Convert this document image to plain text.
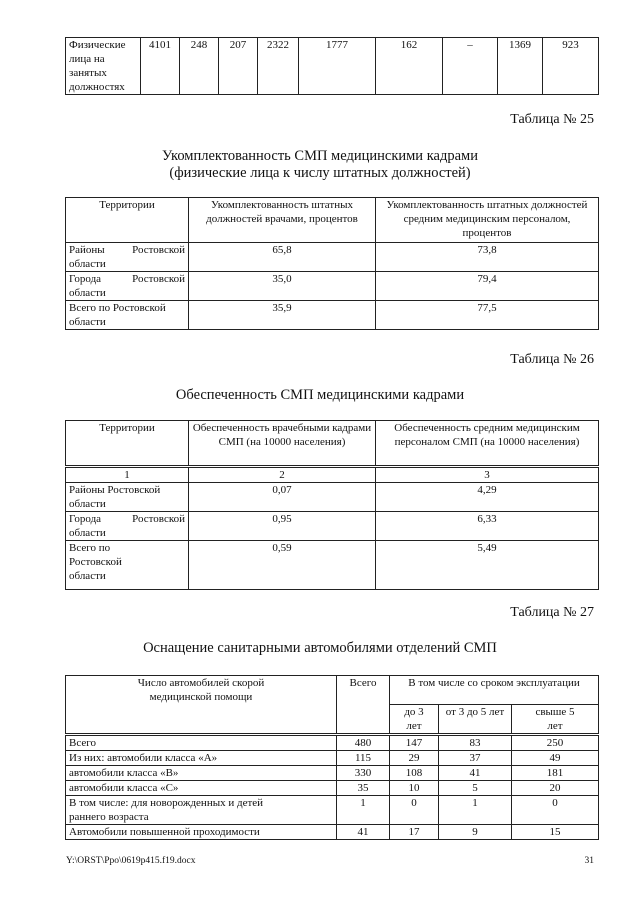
Физические лица на занятых должностях	4101	248	207	2322	1777	162	–	1369	923
Таблица № 25
Укомплектованность СМП медицинскими кадрами
(физические лица к числу штатных должностей)
Территории	Укомплектованность штатных должностей врачами, процентов	Укомплектованность штатных должностей средним медицинским персоналом, процентов
Районы Ростовской области	65,8	73,8
Города Ростовской области	35,0	79,4
Всего по Ростовской области	35,9	77,5
Таблица № 26
Обеспеченность СМП медицинскими кадрами
Территории	Обеспеченность врачебными кадрами СМП (на 10000 населения)	Обеспеченность средним медицинским персоналом СМП (на 10000 населения)
1	2	3
Районы Ростовской области	0,07	4,29
Города Ростовской области	0,95	6,33

Всего по Ростовской области	0,59	5,49
Таблица № 27
Оснащение санитарными автомобилями отделений СМП
Число автомобилей скорой медицинской помощи	Всего	В том числе со сроком эксплуатации		
		до 3 лет	от 3 до 5 лет	свыше 5 лет
Всего	480	147	83	250
Из них: автомобили класса «А»	115	29	37	49
автомобили класса «В»	330	108	41	181
автомобили класса «С»	35	10	5	20

В том числе: для новорожденных и детей раннего возраста	1	0	1	0
Автомобили повышенной проходимости	41	17	9	15
Y:\ORST\Ppo\0619p415.f19.docx	31
